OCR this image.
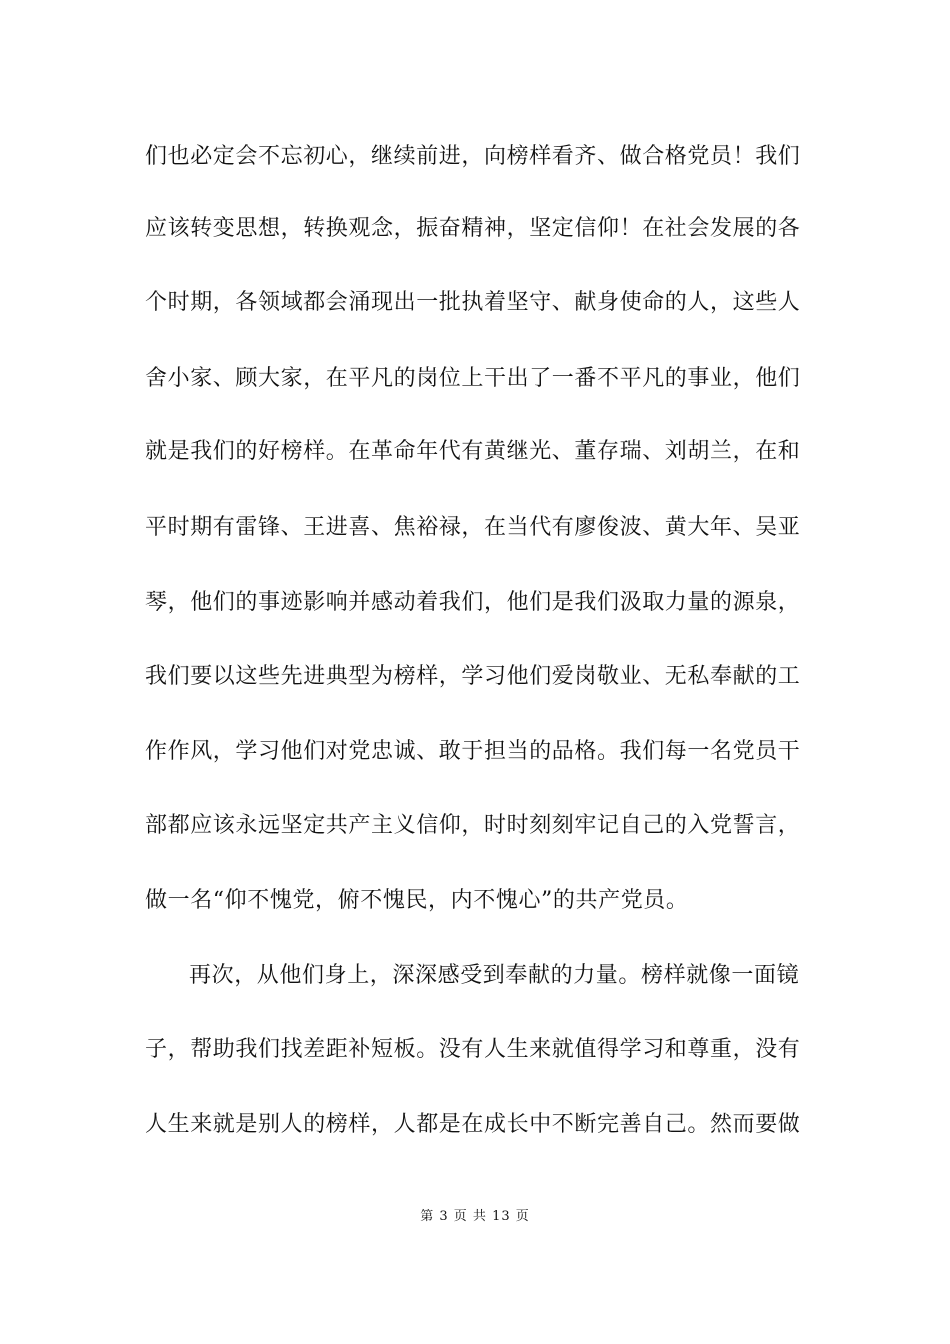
们也必定会不忘初心，继续前进，向榜样看齐、做合格党员！我们
应该转变思想，转换观念，振奋精神，坚定信仰！在社会发展的各
个时期，各领域都会涌现出一批执着坚守、献身使命的人，这些人
舍小家、顾大家，在平凡的岗位上干出了一番不平凡的事业，他们
就是我们的好榜样。在革命年代有黄继光、董存瑞、刘胡兰，在和
平时期有雷锋、王进喜、焦裕禄，在当代有廖俊波、黄大年、吴亚
琴，他们的事迹影响并感动着我们，他们是我们汲取力量的源泉，
我们要以这些先进典型为榜样，学习他们爱岗敬业、无私奉献的工
作作风，学习他们对党忠诚、敢于担当的品格。我们每一名党员干
部都应该永远坚定共产主义信仰，时时刻刻牢记自己的入党誓言，
做一名“仰不愧党，俯不愧民，内不愧心”的共产党员。
再次，从他们身上，深深感受到奉献的力量。榜样就像一面镜
子，帮助我们找差距补短板。没有人生来就值得学习和尊重，没有
人生来就是别人的榜样，人都是在成长中不断完善自己。然而要做
第 3 页 共 13 页
